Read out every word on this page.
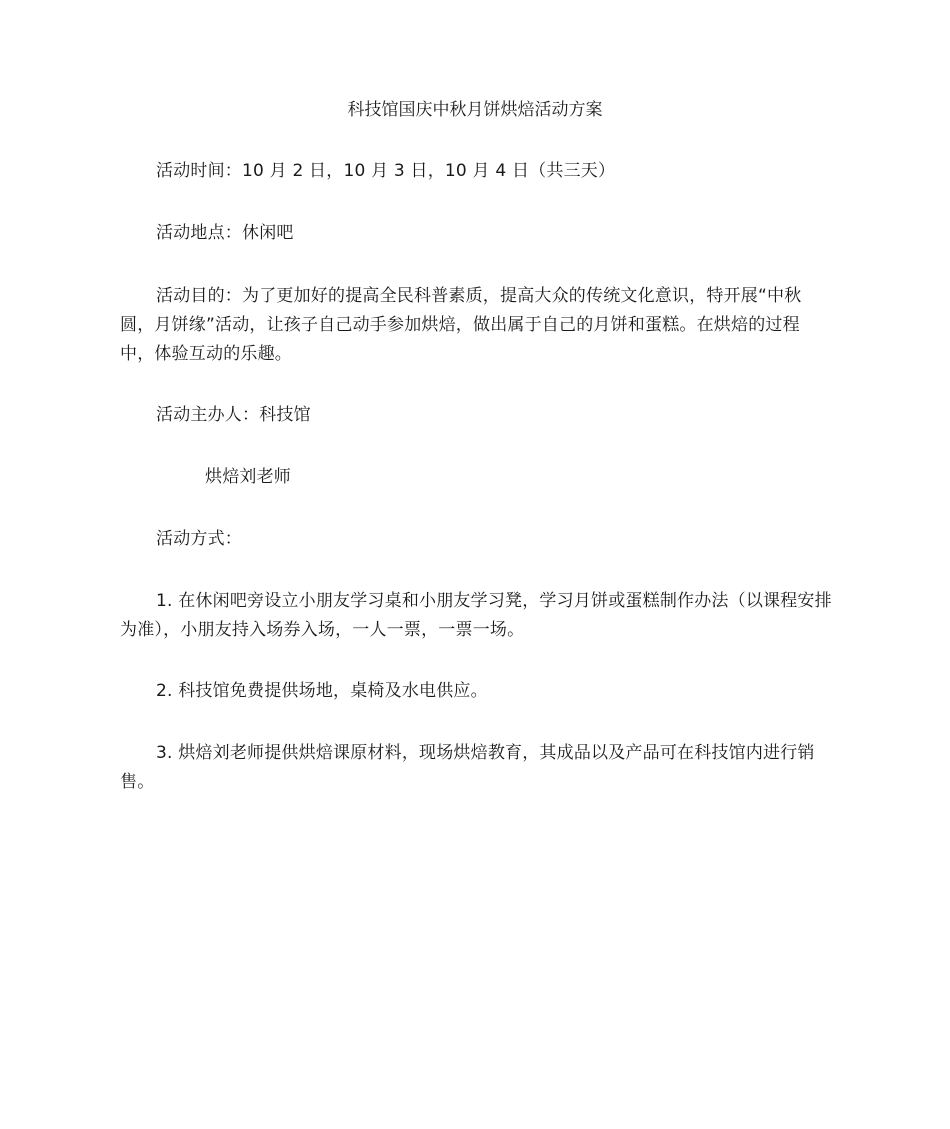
科技馆国庆中秋月饼烘焙活动方案

活动时间：10 月 2 日，10 月 3 日，10 月 4 日（共三天）

活动地点：休闲吧

活动目的：为了更加好的提高全民科普素质，提高大众的传统文化意识，特开展“中秋圆，月饼缘”活动，让孩子自己动手参加烘焙，做出属于自己的月饼和蛋糕。在烘焙的过程中，体验互动的乐趣。

活动主办人：科技馆

烘焙刘老师

活动方式：

1. 在休闲吧旁设立小朋友学习桌和小朋友学习凳，学习月饼或蛋糕制作办法（以课程安排为准），小朋友持入场券入场，一人一票，一票一场。

2. 科技馆免费提供场地，桌椅及水电供应。

3. 烘焙刘老师提供烘焙课原材料，现场烘焙教育，其成品以及产品可在科技馆内进行销售。
